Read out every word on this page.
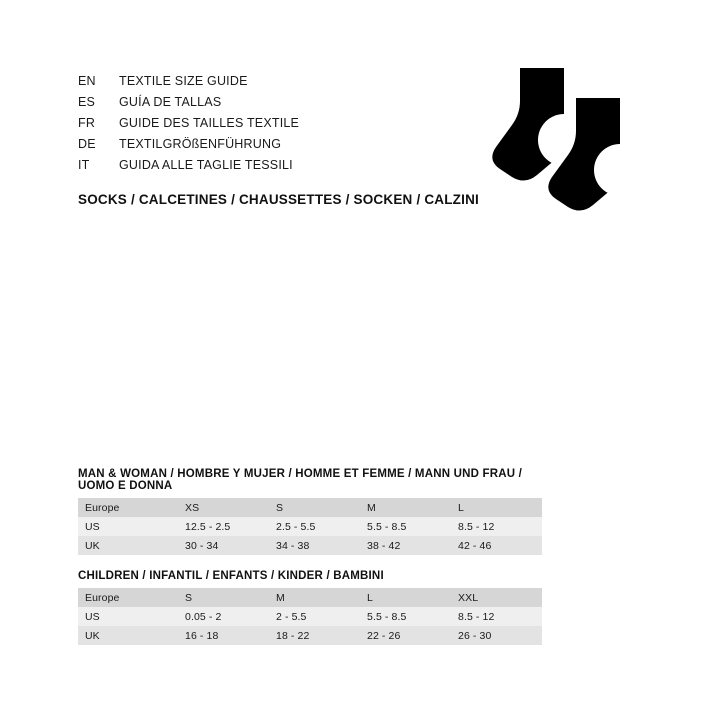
EN	TEXTILE SIZE GUIDE
ES	GUÍA DE TALLAS
FR	GUIDE DES TAILLES TEXTILE
DE	TEXTILGRÖßENFÜHRUNG
IT	GUIDA ALLE TAGLIE TESSILI
SOCKS / CALCETINES / CHAUSSETTES / SOCKEN / CALZINI
MAN & WOMAN / HOMBRE Y MUJER / HOMME ET FEMME / MANN UND FRAU / UOMO E DONNA
Europe	XS	S	M	L
US	12.5 - 2.5	2.5 - 5.5	5.5 - 8.5	8.5 - 12
UK	30 - 34	34 - 38	38 - 42	42 - 46
CHILDREN / INFANTIL / ENFANTS / KINDER / BAMBINI
Europe	S	M	L	XXL
US	0.05 - 2	2 - 5.5	5.5 - 8.5	8.5 - 12
UK	16 - 18	18 - 22	22 - 26	26 - 30
